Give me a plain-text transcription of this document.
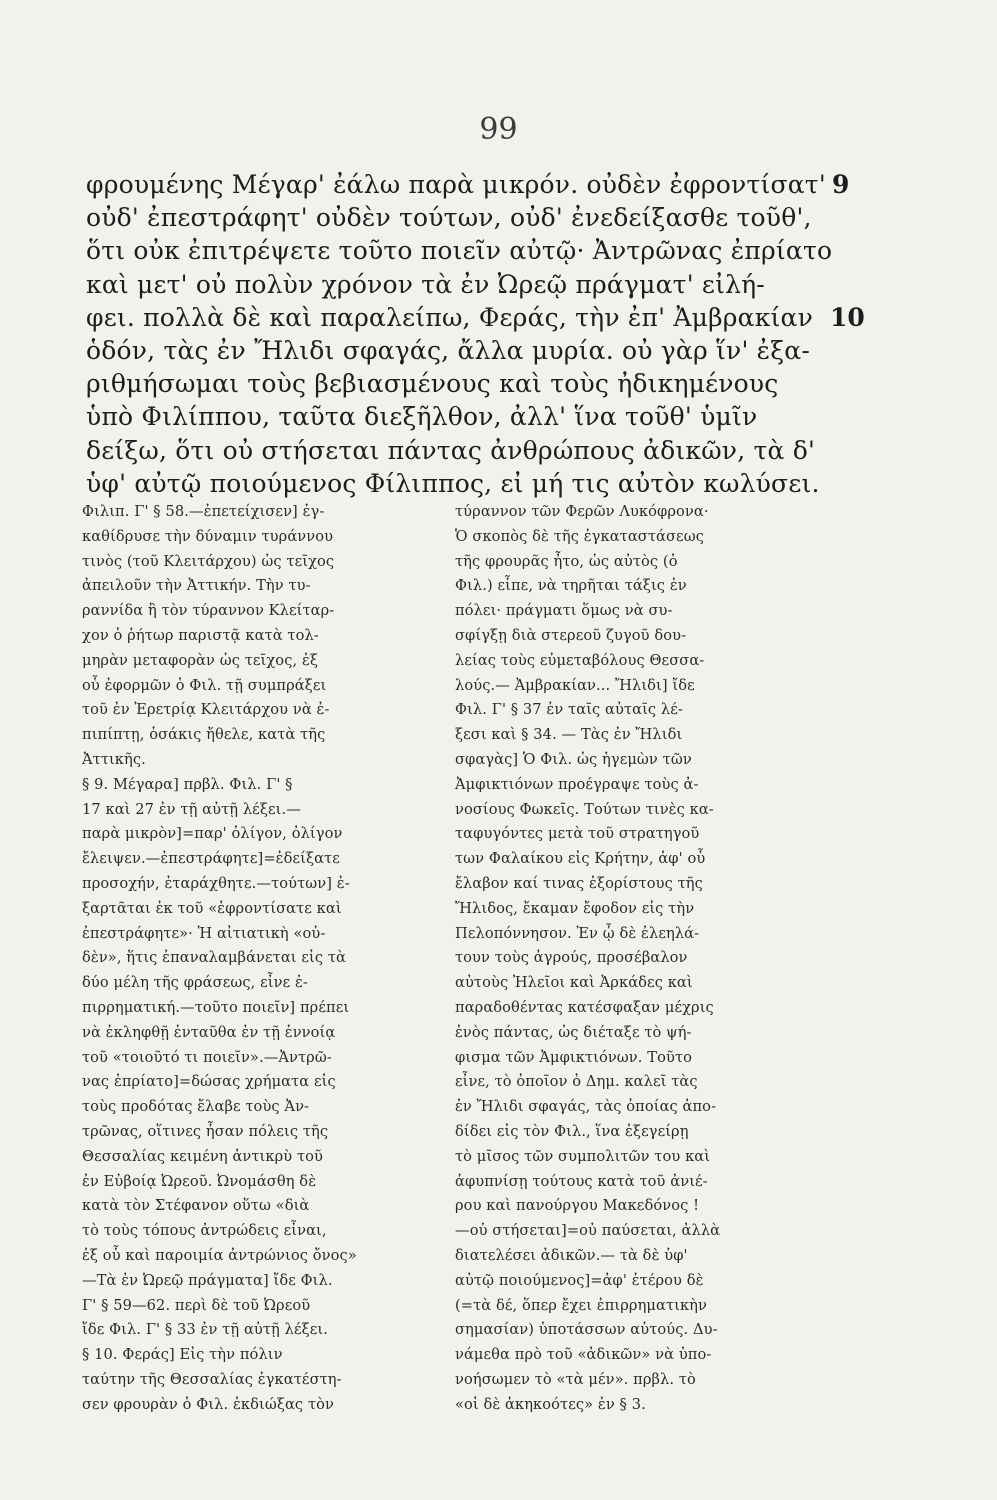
99
φρουμένης Μέγαρ' ἐάλω παρὰ μικρόν. οὐδὲν ἐφροντίσατ'
οὐδ' ἐπεστράφητ' οὐδὲν τούτων, οὐδ' ἐνεδείξασθε τοῦθ',
ὅτι οὐκ ἐπιτρέψετε τοῦτο ποιεῖν αὐτῷ· Ἀντρῶνας ἐπρίατο
καὶ μετ' οὐ πολὺν χρόνον τὰ ἐν Ὠρεῷ πράγματ' εἰλή-
φει. πολλὰ δὲ καὶ παραλείπω, Φεράς, τὴν ἐπ' Ἀμβρακίαν
ὁδόν, τὰς ἐν Ἤλιδι σφαγάς, ἄλλα μυρία. οὐ γὰρ ἵν' ἐξα-
ριθμήσωμαι τοὺς βεβιασμένους καὶ τοὺς ἠδικημένους
ὑπὸ Φιλίππου, ταῦτα διεξῆλθον, ἀλλ' ἵνα τοῦθ' ὑμῖν
δείξω, ὅτι οὐ στήσεται πάντας ἀνθρώπους ἀδικῶν, τὰ δ'
ὑφ' αὐτῷ ποιούμενος Φίλιππος, εἰ μή τις αὐτὸν κωλύσει.
9
10
Φιλιπ. Γ' § 58.—ἐπετείχισεν] ἐγ-
καθίδρυσε τὴν δύναμιν τυράννου
τινὸς (τοῦ Κλειτάρχου) ὡς τεῖχος
ἀπειλοῦν τὴν Ἀττικήν. Τὴν τυ-
ραννίδα ἢ τὸν τύραννον Κλείταρ-
χον ὁ ῥήτωρ παριστᾷ κατὰ τολ-
μηρὰν μεταφορὰν ὡς τεῖχος, ἐξ
οὗ ἐφορμῶν ὁ Φιλ. τῇ συμπράξει
τοῦ ἐν Ἐρετρίᾳ Κλειτάρχου νὰ ἐ-
πιπίπτῃ, ὁσάκις ἤθελε, κατὰ τῆς
Ἀττικῆς.
§ 9. Μέγαρα] πρβλ. Φιλ. Γ' §
17 καὶ 27 ἐν τῇ αὐτῇ λέξει.—
παρὰ μικρὸν]=παρ' ὀλίγον, ὀλίγον
ἔλειψεν.—ἐπεστράφητε]=ἐδείξατε
προσοχήν, ἐταράχθητε.—τούτων] ἐ-
ξαρτᾶται ἐκ τοῦ «ἐφροντίσατε καὶ
ἐπεστράφητε»· Ἡ αἰτιατικὴ «οὐ-
δὲν», ἥτις ἐπαναλαμβάνεται εἰς τὰ
δύο μέλη τῆς φράσεως, εἶνε ἐ-
πιρρηματική.—τοῦτο ποιεῖν] πρέπει
νὰ ἐκληφθῇ ἐνταῦθα ἐν τῇ ἐννοίᾳ
τοῦ «τοιοῦτό τι ποιεῖν».—Ἀντρῶ-
νας ἐπρίατο]=δώσας χρήματα εἰς
τοὺς προδότας ἔλαβε τοὺς Ἀν-
τρῶνας, οἵτινες ἦσαν πόλεις τῆς
Θεσσαλίας κειμένη ἀντικρὺ τοῦ
ἐν Εὐβοίᾳ Ὠρεοῦ. Ὠνομάσθη δὲ
κατὰ τὸν Στέφανον οὕτω «διὰ
τὸ τοὺς τόπους ἀντρώδεις εἶναι,
ἐξ οὗ καὶ παροιμία ἀντρώνιος ὄνος»
—Τὰ ἐν Ὠρεῷ πράγματα] ἴδε Φιλ.
Γ' § 59—62. περὶ δὲ τοῦ Ὠρεοῦ
ἴδε Φιλ. Γ' § 33 ἐν τῇ αὐτῇ λέξει.
§ 10. Φεράς] Εἰς τὴν πόλιν
ταύτην τῆς Θεσσαλίας ἐγκατέστη-
σεν φρουρὰν ὁ Φιλ. ἐκδιώξας τὸν
τύραννον τῶν Φερῶν Λυκόφρονα·
Ὁ σκοπὸς δὲ τῆς ἐγκαταστάσεως
τῆς φρουρᾶς ἦτο, ὡς αὐτὸς (ὁ
Φιλ.) εἶπε, νὰ τηρῆται τάξις ἐν
πόλει· πράγματι ὅμως νὰ συ-
σφίγξῃ διὰ στερεοῦ ζυγοῦ δου-
λείας τοὺς εὐμεταβόλους Θεσσα-
λούς.— Ἀμβρακίαν... Ἤλιδι] ἴδε
Φιλ. Γ' § 37 ἐν ταῖς αὐταῖς λέ-
ξεσι καὶ § 34. — Τὰς ἐν Ἤλιδι
σφαγὰς] Ὁ Φιλ. ὡς ἡγεμὼν τῶν
Ἀμφικτιόνων προέγραψε τοὺς ἀ-
νοσίους Φωκεῖς. Τούτων τινὲς κα-
ταφυγόντες μετὰ τοῦ στρατηγοῦ
των Φαλαίκου εἰς Κρήτην, ἀφ' οὗ
ἔλαβον καί τινας ἐξορίστους τῆς
Ἤλιδος, ἔκαμαν ἔφοδον εἰς τὴν
Πελοπόννησον. Ἐν ᾧ δὲ ἐλεηλά-
τουν τοὺς ἀγρούς, προσέβαλον
αὐτοὺς Ἠλεῖοι καὶ Ἀρκάδες καὶ
παραδοθέντας κατέσφαξαν μέχρις
ἑνὸς πάντας, ὡς διέταξε τὸ ψή-
φισμα τῶν Ἀμφικτιόνων. Τοῦτο
εἶνε, τὸ ὁποῖον ὁ Δημ. καλεῖ τὰς
ἐν Ἤλιδι σφαγάς, τὰς ὁποίας ἀπο-
δίδει εἰς τὸν Φιλ., ἵνα ἐξεγείρῃ
τὸ μῖσος τῶν συμπολιτῶν του καὶ
ἀφυπνίσῃ τούτους κατὰ τοῦ ἀνιέ-
ρου καὶ πανούργου Μακεδόνος !
—οὐ στήσεται]=οὐ παύσεται, ἀλλὰ
διατελέσει ἀδικῶν.— τὰ δὲ ὑφ'
αὐτῷ ποιούμενος]=ἀφ' ἑτέρου δὲ
(=τὰ δέ, ὅπερ ἔχει ἐπιρρηματικὴν
σημασίαν) ὑποτάσσων αὐτούς. Δυ-
νάμεθα πρὸ τοῦ «ἀδικῶν» νὰ ὑπο-
νοήσωμεν τὸ «τὰ μέν». πρβλ. τὸ
«οἱ δὲ ἀκηκοότες» ἐν § 3.
